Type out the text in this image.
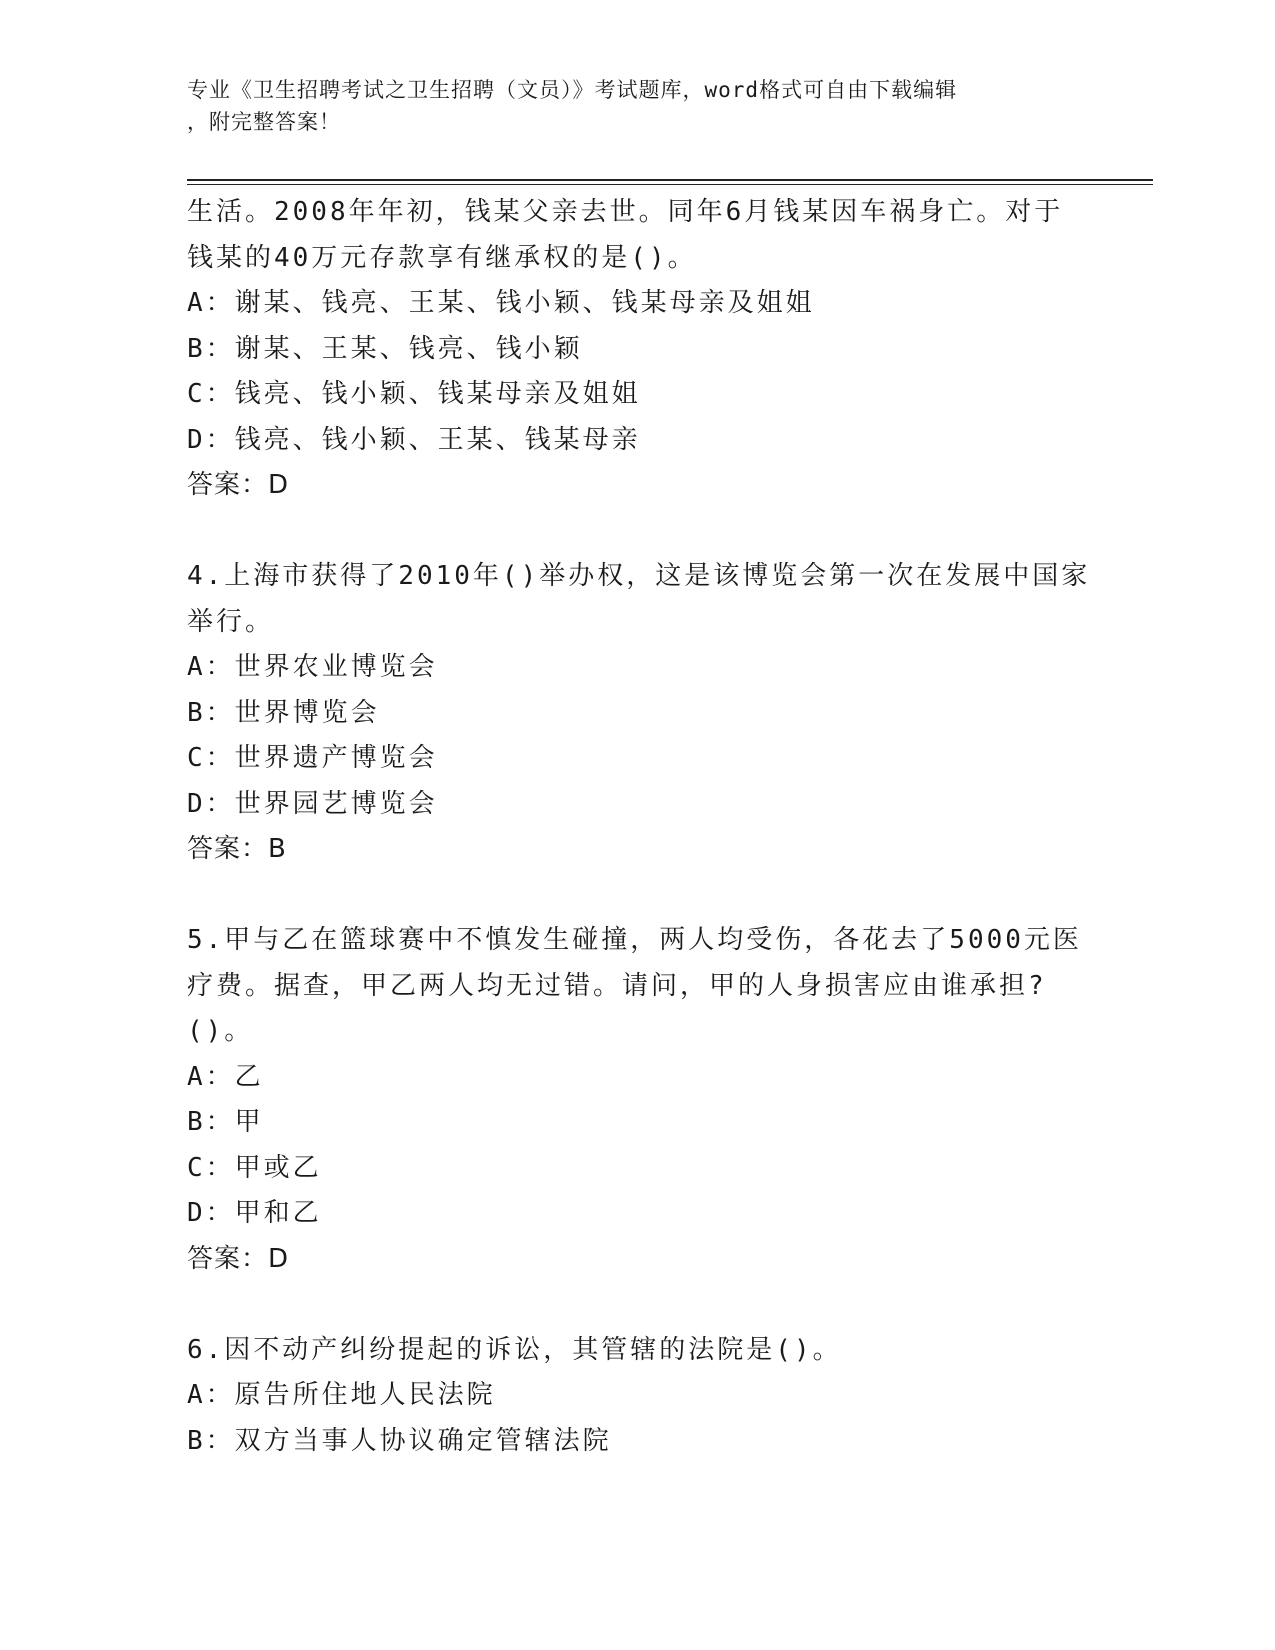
专业《卫生招聘考试之卫生招聘（文员）》考试题库，word格式可自由下载编辑
，附完整答案！
生活。2008年年初，钱某父亲去世。同年6月钱某因车祸身亡。对于
钱某的40万元存款享有继承权的是()。
A：谢某、钱亮、王某、钱小颖、钱某母亲及姐姐
B：谢某、王某、钱亮、钱小颖
C：钱亮、钱小颖、钱某母亲及姐姐
D：钱亮、钱小颖、王某、钱某母亲
答案：D
4.上海市获得了2010年()举办权，这是该博览会第一次在发展中国家
举行。
A：世界农业博览会
B：世界博览会
C：世界遗产博览会
D：世界园艺博览会
答案：B
5.甲与乙在篮球赛中不慎发生碰撞，两人均受伤，各花去了5000元医
疗费。据查，甲乙两人均无过错。请问，甲的人身损害应由谁承担?
()。
A：乙
B：甲
C：甲或乙
D：甲和乙
答案：D
6.因不动产纠纷提起的诉讼，其管辖的法院是()。
A：原告所住地人民法院
B：双方当事人协议确定管辖法院
